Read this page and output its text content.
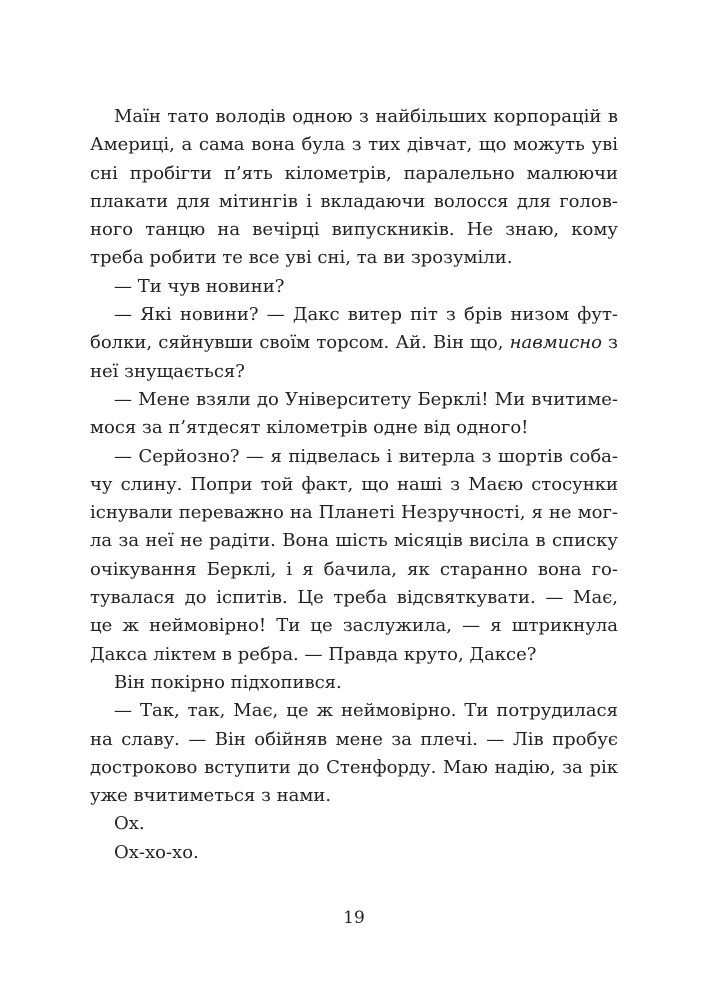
Маїн тато володів одною з найбільших корпорацій в Америці, а сама вона була з тих дівчат, що можуть уві сні пробігти п’ять кілометрів, паралельно малюючи плакати для мітингів і вкладаючи волосся для головного танцю на вечірці випускників. Не знаю, кому треба робити те все уві сні, та ви зрозуміли.

— Ти чув новини?

— Які новини? — Дакс витер піт з брів низом футболки, сяйнувши своїм торсом. Ай. Він що, навмисно з неї знущається?

— Мене взяли до Університету Берклі! Ми вчитимемося за п’ятдесят кілометрів одне від одного!

— Серйозно? — я підвелась і витерла з шортів собачу слину. Попри той факт, що наші з Маєю стосунки існували переважно на Планеті Незручності, я не могла за неї не радіти. Вона шість місяців висіла в списку очікування Берклі, і я бачила, як старанно вона готувалася до іспитів. Це треба відсвяткувати. — Має, це ж неймовірно! Ти це заслужила, — я штрикнула Дакса ліктем в ребра. — Правда круто, Даксе?

Він покірно підхопився.

— Так, так, Має, це ж неймовірно. Ти потрудилася на славу. — Він обійняв мене за плечі. — Лів пробує достроково вступити до Стенфорду. Маю надію, за рік уже вчитиметься з нами.

Ох.

Ох-хо-хо.

19
